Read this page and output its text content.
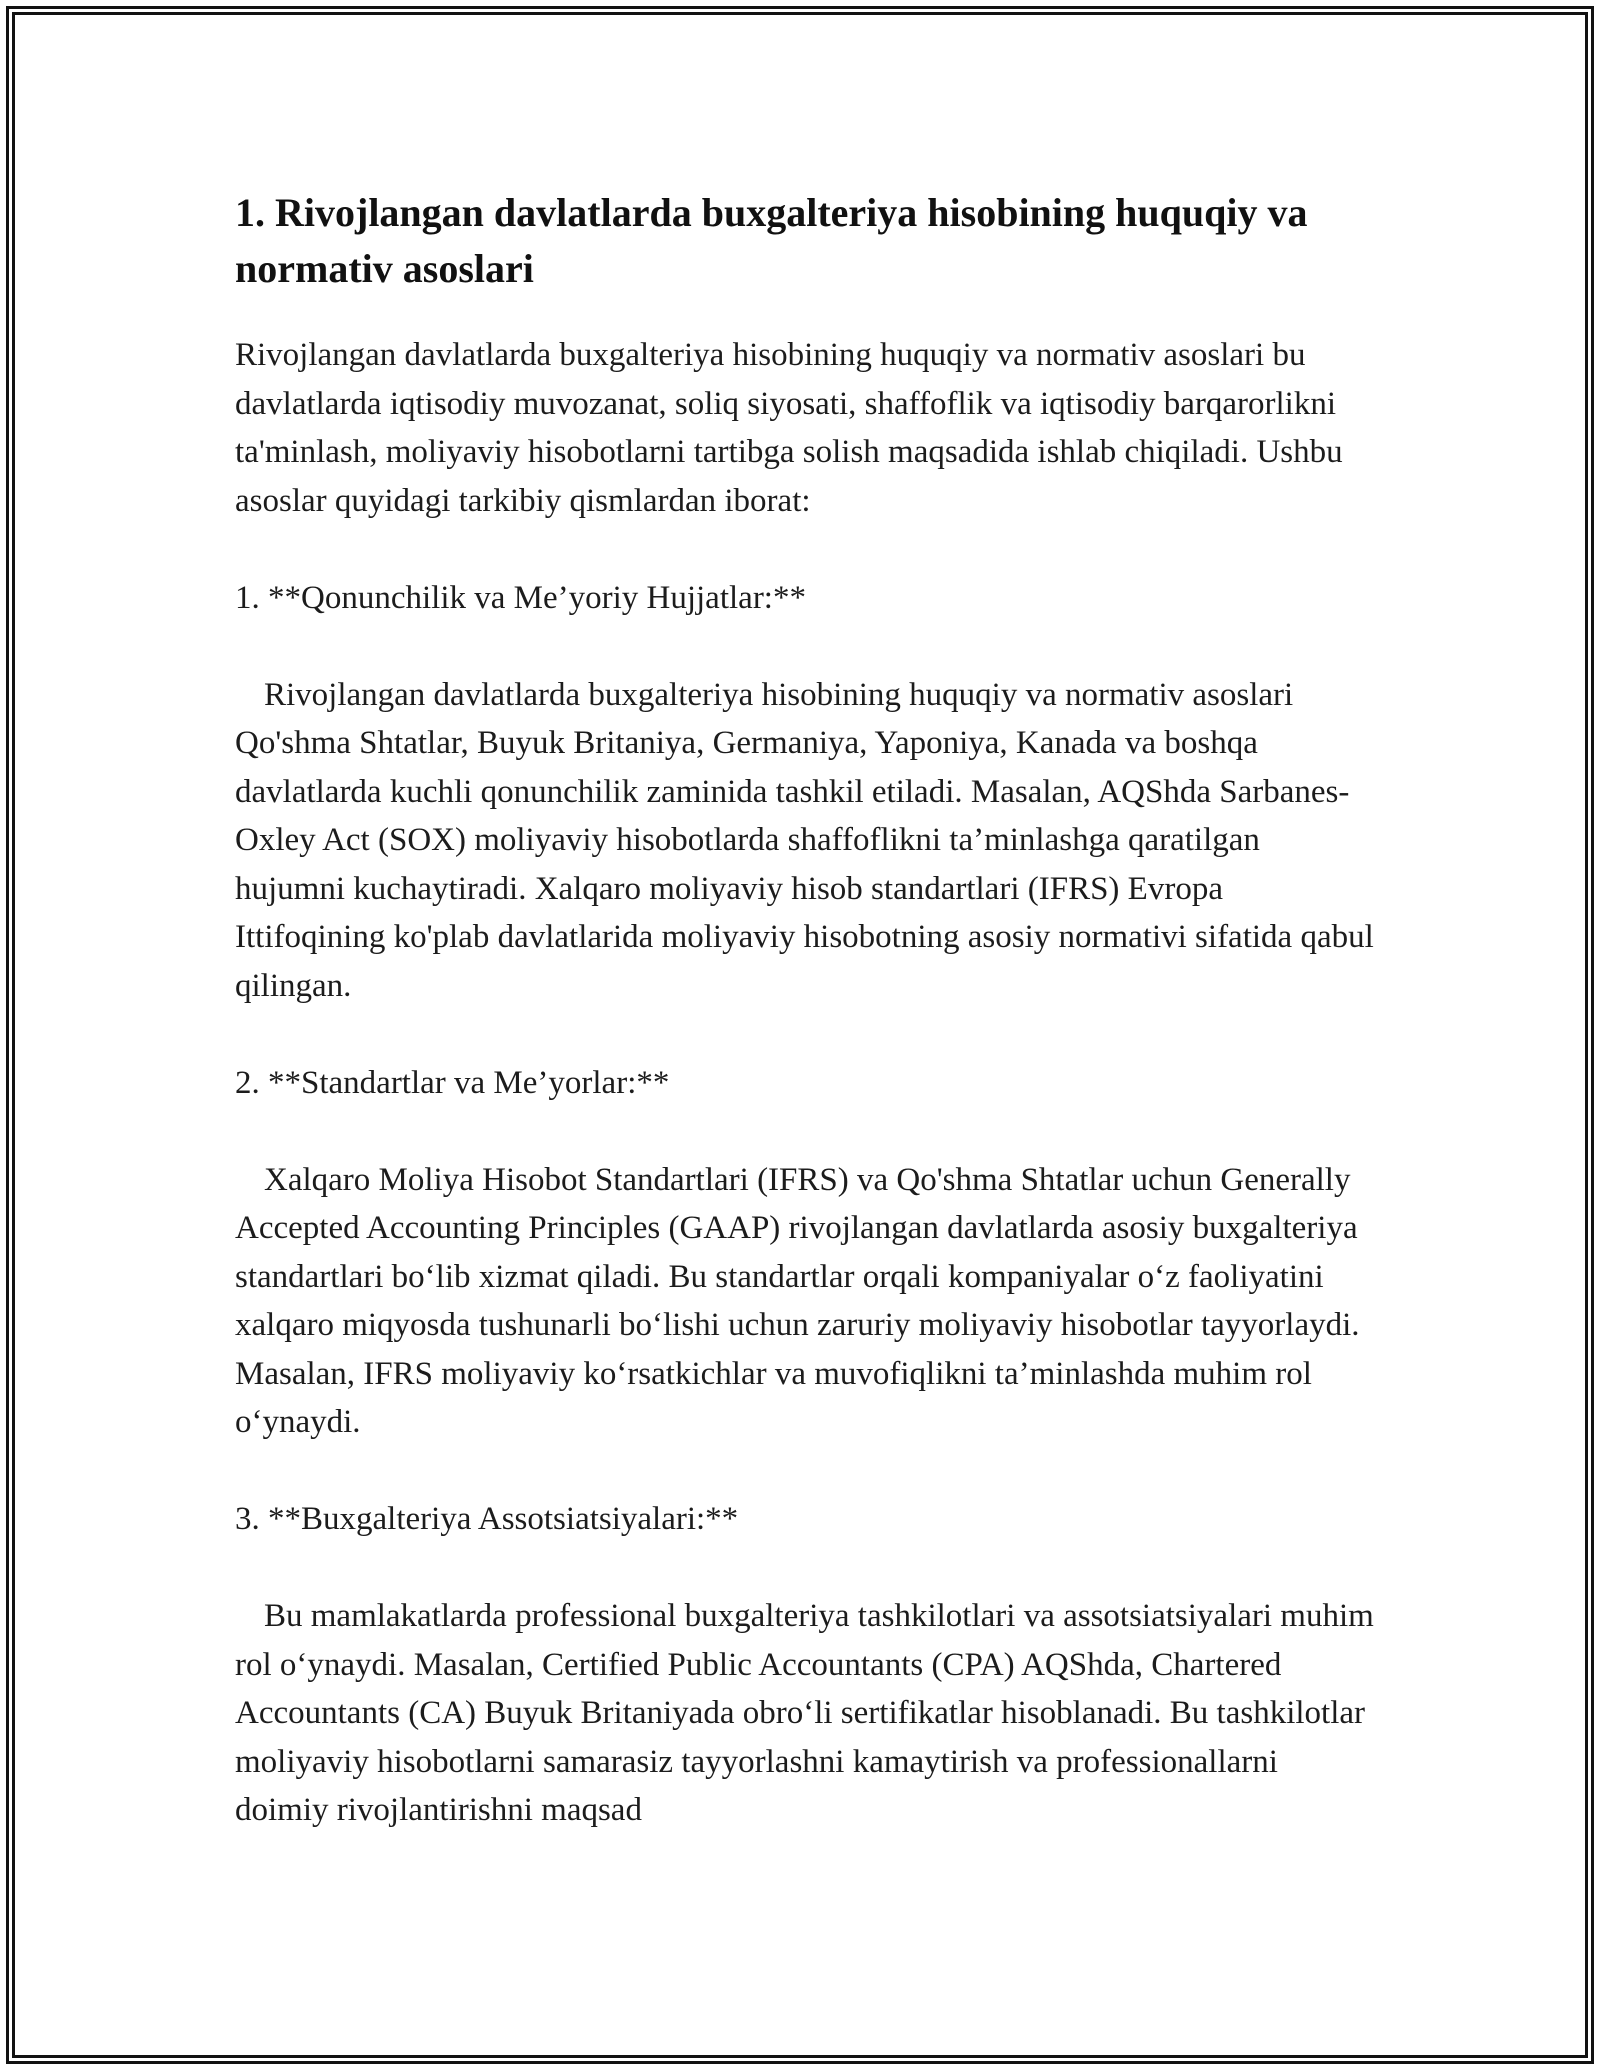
1. Rivojlangan davlatlarda buxgalteriya hisobining huquqiy va normativ asoslari

Rivojlangan davlatlarda buxgalteriya hisobining huquqiy va normativ asoslari bu davlatlarda iqtisodiy muvozanat, soliq siyosati, shaffoflik va iqtisodiy barqarorlikni ta'minlash, moliyaviy hisobotlarni tartibga solish maqsadida ishlab chiqiladi. Ushbu asoslar quyidagi tarkibiy qismlardan iborat:

1. **Qonunchilik va Me’yoriy Hujjatlar:**

Rivojlangan davlatlarda buxgalteriya hisobining huquqiy va normativ asoslari Qo'shma Shtatlar, Buyuk Britaniya, Germaniya, Yaponiya, Kanada va boshqa davlatlarda kuchli qonunchilik zaminida tashkil etiladi. Masalan, AQShda Sarbanes-Oxley Act (SOX) moliyaviy hisobotlarda shaffoflikni ta’minlashga qaratilgan hujumni kuchaytiradi. Xalqaro moliyaviy hisob standartlari (IFRS) Evropa Ittifoqining ko'plab davlatlarida moliyaviy hisobotning asosiy normativi sifatida qabul qilingan.

2. **Standartlar va Me’yorlar:**

Xalqaro Moliya Hisobot Standartlari (IFRS) va Qo'shma Shtatlar uchun Generally Accepted Accounting Principles (GAAP) rivojlangan davlatlarda asosiy buxgalteriya standartlari bo‘lib xizmat qiladi. Bu standartlar orqali kompaniyalar o‘z faoliyatini xalqaro miqyosda tushunarli bo‘lishi uchun zaruriy moliyaviy hisobotlar tayyorlaydi. Masalan, IFRS moliyaviy ko‘rsatkichlar va muvofiqlikni ta’minlashda muhim rol o‘ynaydi.

3. **Buxgalteriya Assotsiatsiyalari:**

Bu mamlakatlarda professional buxgalteriya tashkilotlari va assotsiatsiyalari muhim rol o‘ynaydi. Masalan, Certified Public Accountants (CPA) AQShda, Chartered Accountants (CA) Buyuk Britaniyada obro‘li sertifikatlar hisoblanadi. Bu tashkilotlar moliyaviy hisobotlarni samarasiz tayyorlashni kamaytirish va professionallarni doimiy rivojlantirishni maqsad
